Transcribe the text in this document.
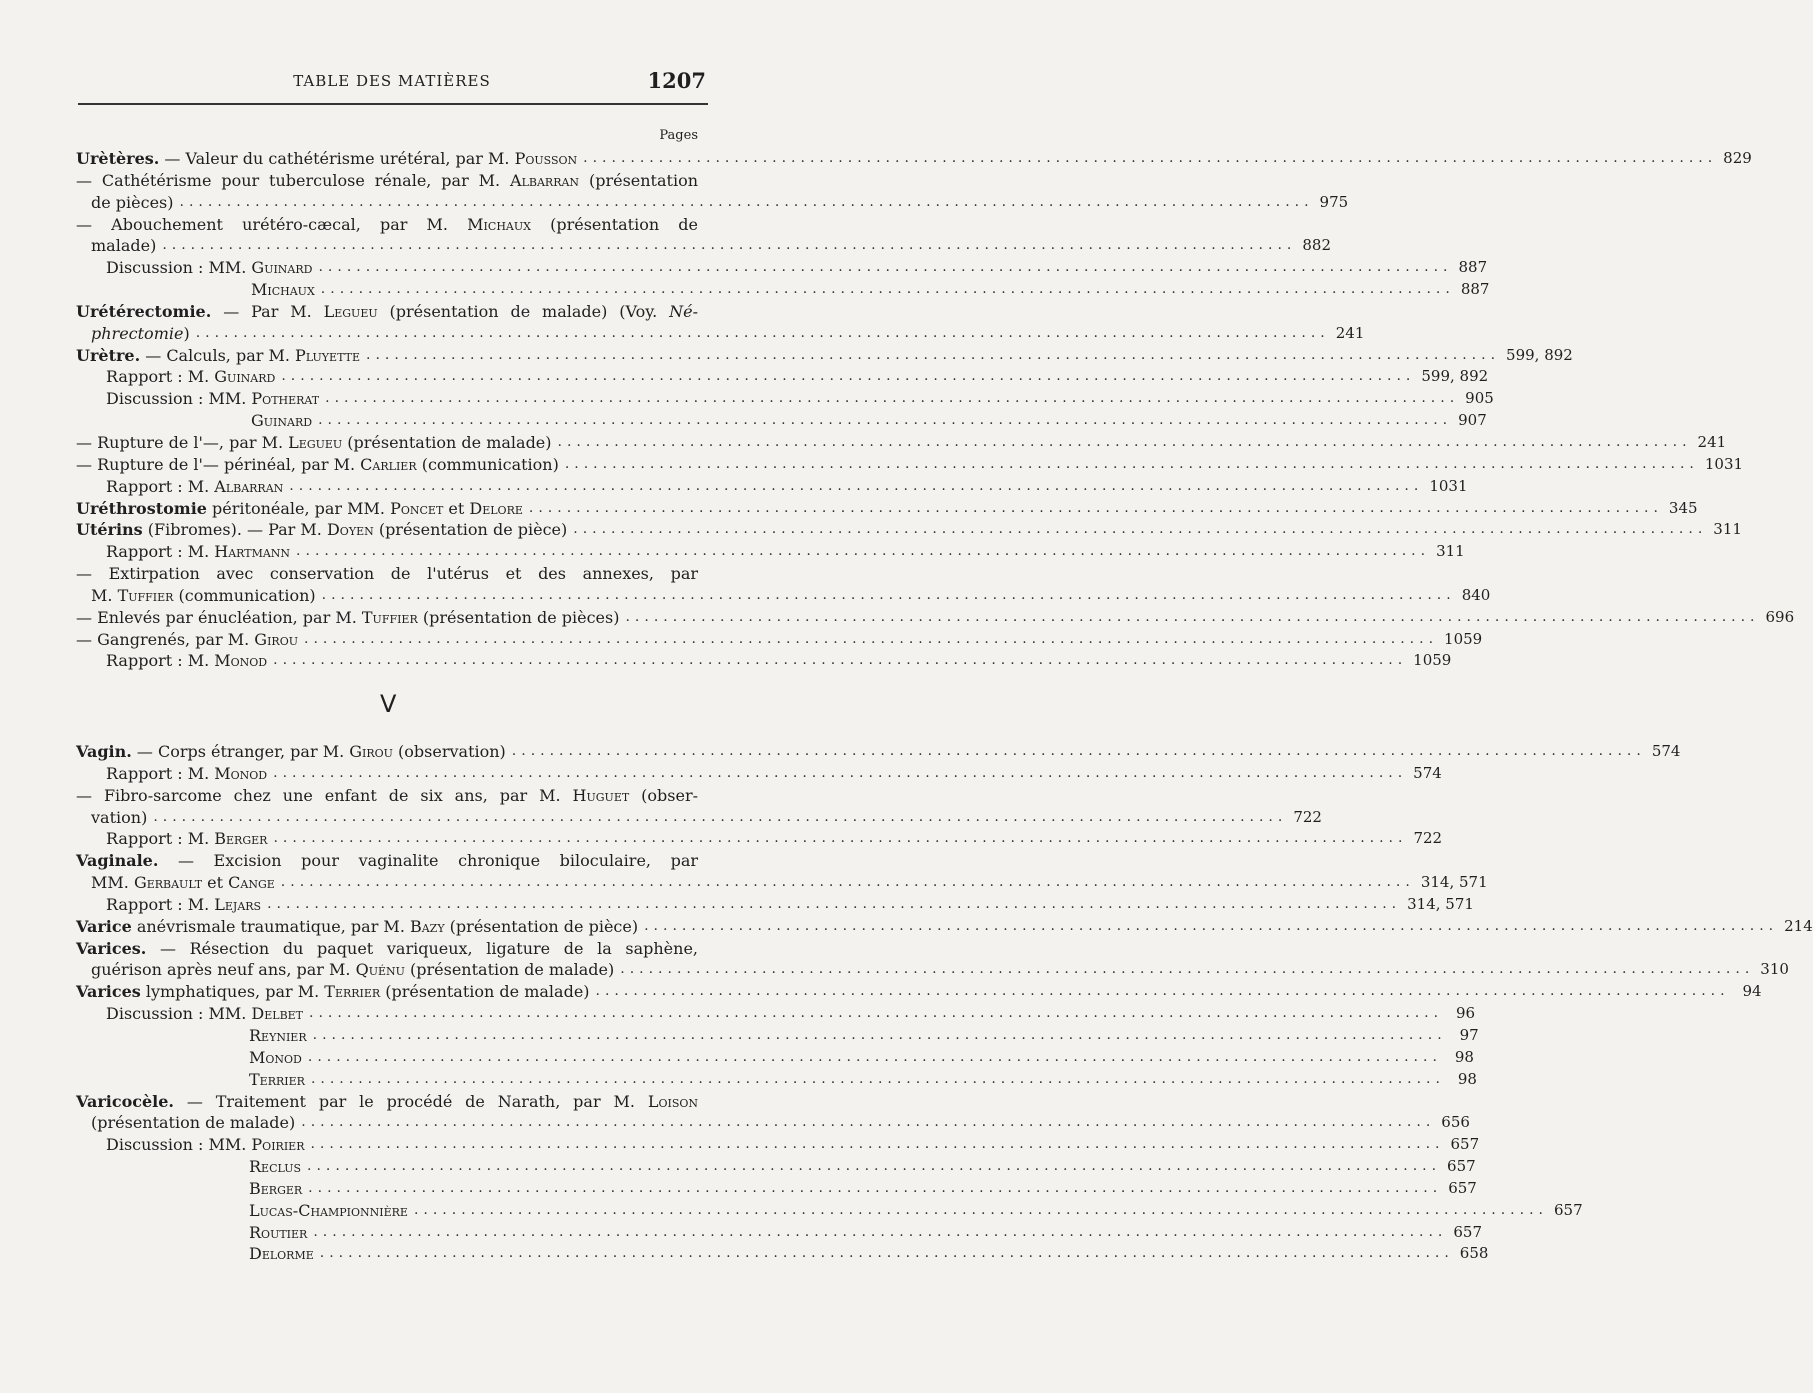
TABLE DES MATIÈRES	1207
Pages
Urètères. — Valeur du cathétérisme urétéral, par M. Pousson ........................................................................................................................ 829
— Cathétérisme pour tuberculose rénale, par M. Albarran (présentation
de pièces) ........................................................................................................................ 975
— Abouchement urétéro-cæcal, par M. Michaux (présentation de
malade) ........................................................................................................................ 882
Discussion : MM. Guinard ........................................................................................................................ 887
Michaux ........................................................................................................................ 887
Urétérectomie. — Par M. Legueu (présentation de malade) (Voy. Né-
phrectomie) ........................................................................................................................ 241
Urètre. — Calculs, par M. Pluyette ........................................................................................................................ 599, 892
Rapport : M. Guinard ........................................................................................................................ 599, 892
Discussion : MM. Potherat ........................................................................................................................ 905
Guinard ........................................................................................................................ 907
— Rupture de l'—, par M. Legueu (présentation de malade) ........................................................................................................................ 241
— Rupture de l'— périnéal, par M. Carlier (communication) ........................................................................................................................ 1031
Rapport : M. Albarran ........................................................................................................................ 1031
Uréthrostomie péritonéale, par MM. Poncet et Delore ........................................................................................................................ 345
Utérins (Fibromes). — Par M. Doyen (présentation de pièce) ........................................................................................................................ 311
Rapport : M. Hartmann ........................................................................................................................ 311
— Extirpation avec conservation de l'utérus et des annexes, par
M. Tuffier (communication) ........................................................................................................................ 840
— Enlevés par énucléation, par M. Tuffier (présentation de pièces) ........................................................................................................................ 696
— Gangrenés, par M. Girou ........................................................................................................................ 1059
Rapport : M. Monod ........................................................................................................................ 1059
V
Vagin. — Corps étranger, par M. Girou (observation) ........................................................................................................................ 574
Rapport : M. Monod ........................................................................................................................ 574
— Fibro-sarcome chez une enfant de six ans, par M. Huguet (obser-
vation) ........................................................................................................................ 722
Rapport : M. Berger ........................................................................................................................ 722
Vaginale. — Excision pour vaginalite chronique biloculaire, par
MM. Gerbault et Cange ........................................................................................................................ 314, 571
Rapport : M. Lejars ........................................................................................................................ 314, 571
Varice anévrismale traumatique, par M. Bazy (présentation de pièce) ........................................................................................................................ 214
Varices. — Résection du paquet variqueux, ligature de la saphène,
guérison après neuf ans, par M. Quénu (présentation de malade) ........................................................................................................................ 310
Varices lymphatiques, par M. Terrier (présentation de malade) ........................................................................................................................ 94
Discussion : MM. Delbet ........................................................................................................................ 96
Reynier ........................................................................................................................ 97
Monod ........................................................................................................................ 98
Terrier ........................................................................................................................ 98
Varicocèle. — Traitement par le procédé de Narath, par M. Loison
(présentation de malade) ........................................................................................................................ 656
Discussion : MM. Poirier ........................................................................................................................ 657
Reclus ........................................................................................................................ 657
Berger ........................................................................................................................ 657
Lucas-Championnière ........................................................................................................................ 657
Routier ........................................................................................................................ 657
Delorme ........................................................................................................................ 658
